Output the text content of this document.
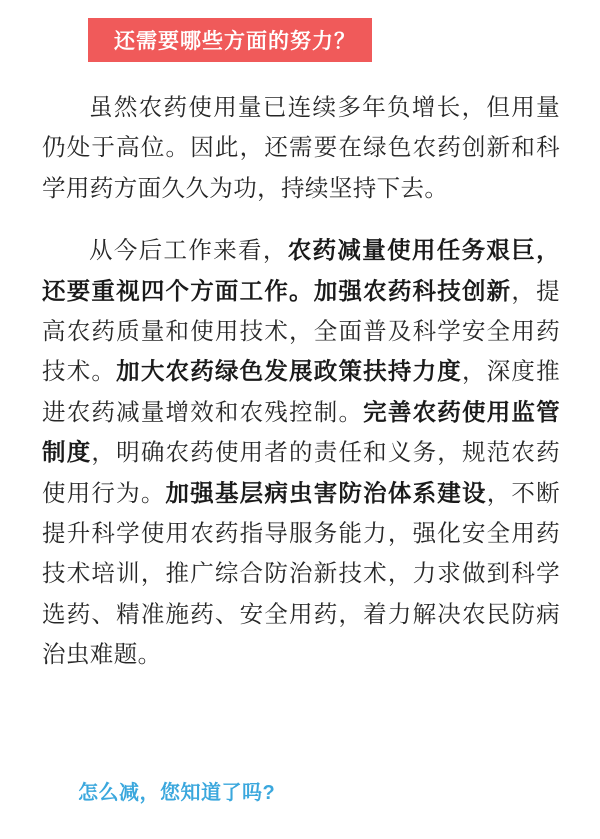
还需要哪些方面的努力？

虽然农药使用量已连续多年负增长，但用量仍处于高位。因此，还需要在绿色农药创新和科学用药方面久久为功，持续坚持下去。

从今后工作来看，农药减量使用任务艰巨，还要重视四个方面工作。加强农药科技创新，提高农药质量和使用技术，全面普及科学安全用药技术。加大农药绿色发展政策扶持力度，深度推进农药减量增效和农残控制。完善农药使用监管制度，明确农药使用者的责任和义务，规范农药使用行为。加强基层病虫害防治体系建设，不断提升科学使用农药指导服务能力，强化安全用药技术培训，推广综合防治新技术，力求做到科学选药、精准施药、安全用药，着力解决农民防病治虫难题。

怎么减，您知道了吗?
